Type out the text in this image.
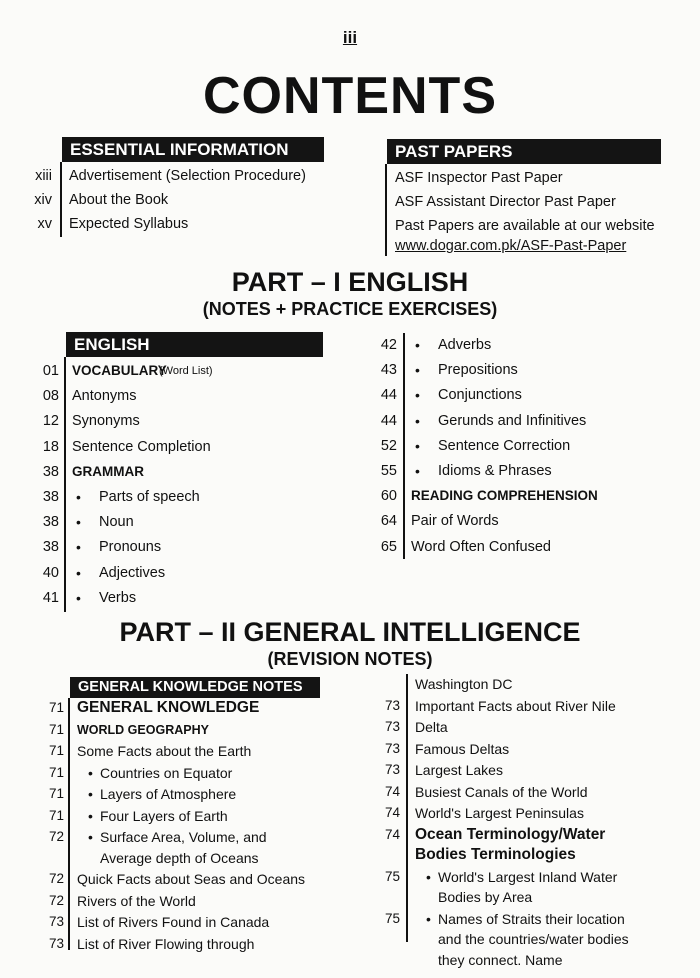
iii
CONTENTS
ESSENTIAL INFORMATION
xiii Advertisement (Selection Procedure)
xiv About the Book
xv Expected Syllabus
PAST PAPERS
ASF Inspector Past Paper
ASF Assistant Director Past Paper
Past Papers are available at our website
www.dogar.com.pk/ASF-Past-Paper
PART – I ENGLISH
(NOTES + PRACTICE EXERCISES)
ENGLISH
01 VOCABULARY
(Word List)
08 Antonyms
12 Synonyms
18 Sentence Completion
38 GRAMMAR
38 • Parts of speech
38 • Noun
38 • Pronouns
40 • Adjectives
41 • Verbs
42 • Adverbs
43 • Prepositions
44 • Conjunctions
44 • Gerunds and Infinitives
52 • Sentence Correction
55 • Idioms & Phrases
60 READING COMPREHENSION
64 Pair of Words
65 Word Often Confused
PART – II GENERAL INTELLIGENCE
(REVISION NOTES)
GENERAL KNOWLEDGE NOTES
71 GENERAL KNOWLEDGE
71 WORLD GEOGRAPHY
71 Some Facts about the Earth
71 • Countries on Equator
71 • Layers of Atmosphere
71 • Four Layers of Earth
72 • Surface Area, Volume, and
Average depth of Oceans
72 Quick Facts about Seas and Oceans
72 Rivers of the World
73 List of Rivers Found in Canada
73 List of River Flowing through
Washington DC
73 Important Facts about River Nile
73 Delta
73 Famous Deltas
73 Largest Lakes
74 Busiest Canals of the World
74 World's Largest Peninsulas
74 Ocean Terminology/Water
Bodies Terminologies
75 • World's Largest Inland Water
Bodies by Area
75 • Names of Straits their location
and the countries/water bodies
they connect. Name
